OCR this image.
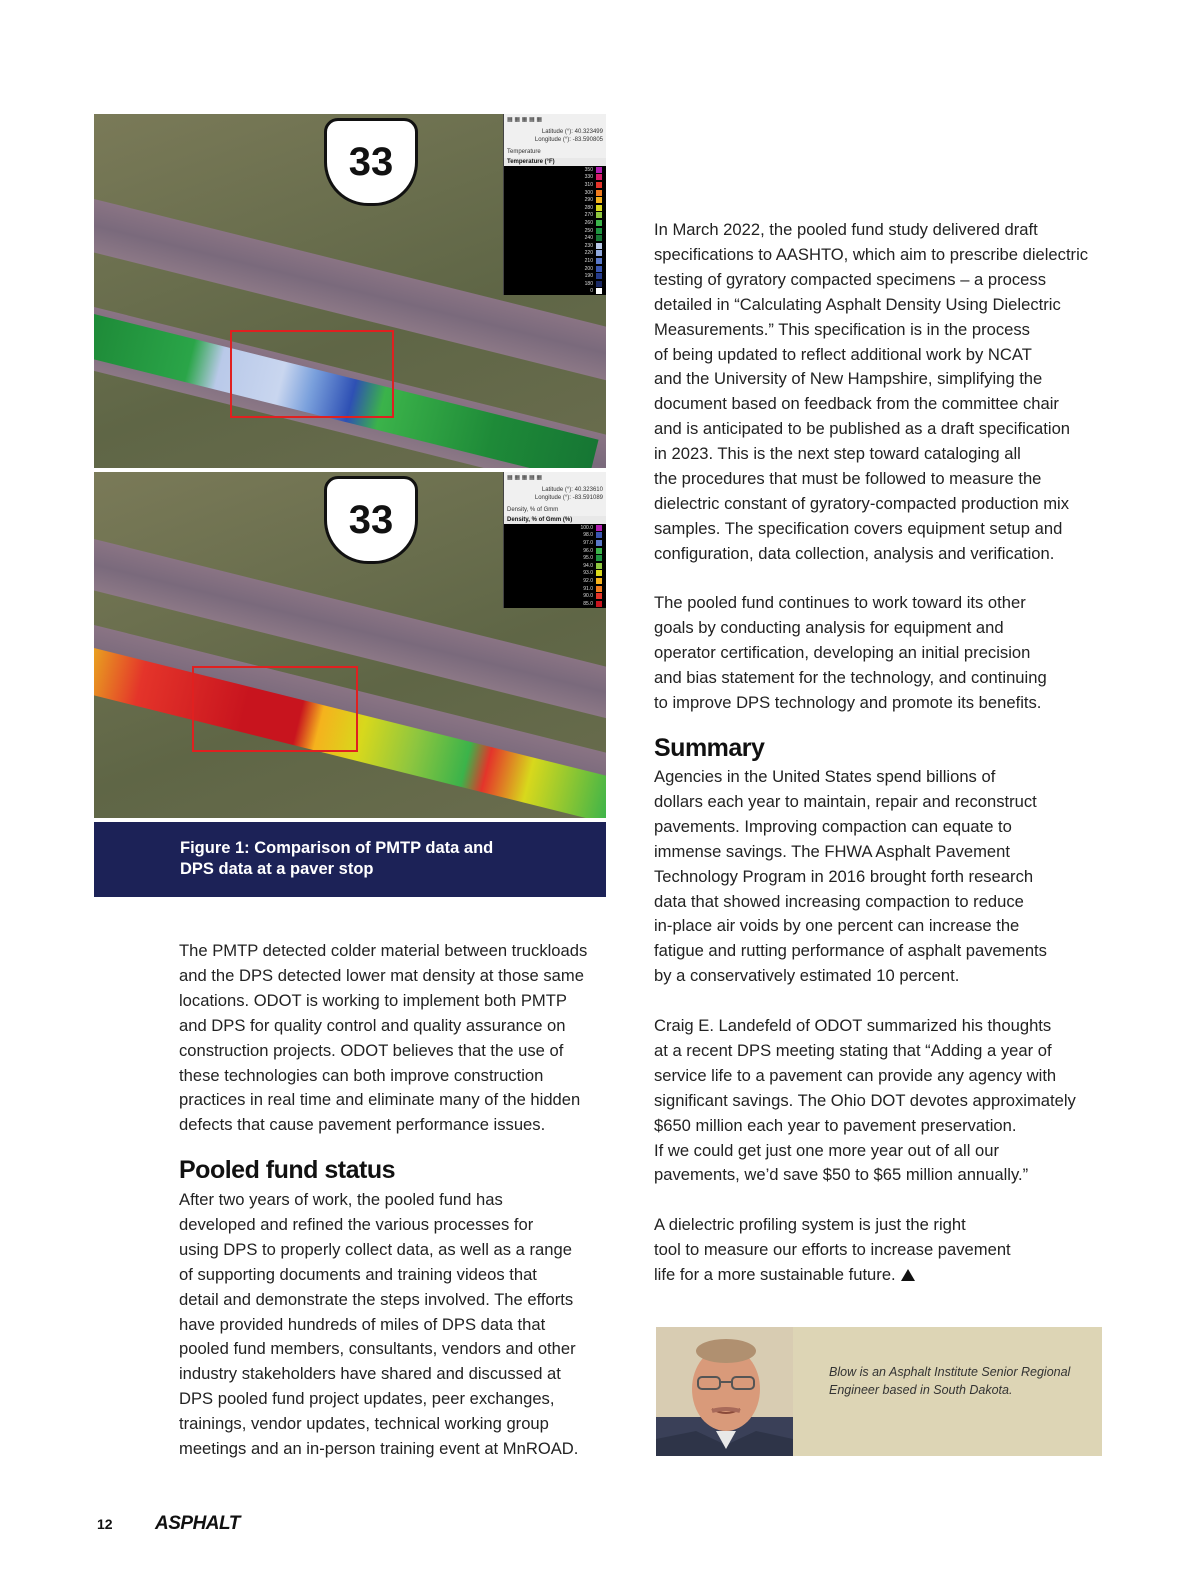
33
▦ ▦ ▦ ▦ ▦
Latitude (°): 40.323499
Longitude (°): -83.590805
Temperature
Temperature (°F)
350
330
310
300
290
280
270
260
250
240
230
220
210
200
190
180
0
33
▦ ▦ ▦ ▦ ▦
Latitude (°): 40.323610
Longitude (°): -83.591089
Density, % of Gmm
Density, % of Gmm (%)
100.0
98.0
97.0
96.0
95.0
94.0
93.0
92.0
91.0
90.0
85.0
Figure 1: Comparison of PMTP data and DPS data at a paver stop
The PMTP detected colder material between truckloads
and the DPS detected lower mat density at those same
locations. ODOT is working to implement both PMTP
and DPS for quality control and quality assurance on
construction projects. ODOT believes that the use of
these technologies can both improve construction
practices in real time and eliminate many of the hidden
defects that cause pavement performance issues.
Pooled fund status
After two years of work, the pooled fund has
developed and refined the various processes for
using DPS to properly collect data, as well as a range
of supporting documents and training videos that
detail and demonstrate the steps involved. The efforts
have provided hundreds of miles of DPS data that
pooled fund members, consultants, vendors and other
industry stakeholders have shared and discussed at
DPS pooled fund project updates, peer exchanges,
trainings, vendor updates, technical working group
meetings and an in-person training event at MnROAD.
In March 2022, the pooled fund study delivered draft
specifications to AASHTO, which aim to prescribe dielectric
testing of gyratory compacted specimens – a process
detailed in “Calculating Asphalt Density Using Dielectric
Measurements.” This specification is in the process
of being updated to reflect additional work by NCAT
and the University of New Hampshire, simplifying the
document based on feedback from the committee chair
and is anticipated to be published as a draft specification
in 2023. This is the next step toward cataloging all
the procedures that must be followed to measure the
dielectric constant of gyratory-compacted production mix
samples. The specification covers equipment setup and
configuration, data collection, analysis and verification.
The pooled fund continues to work toward its other
goals by conducting analysis for equipment and
operator certification, developing an initial precision
and bias statement for the technology, and continuing
to improve DPS technology and promote its benefits.
Summary
Agencies in the United States spend billions of
dollars each year to maintain, repair and reconstruct
pavements. Improving compaction can equate to
immense savings. The FHWA Asphalt Pavement
Technology Program in 2016 brought forth research
data that showed increasing compaction to reduce
in-place air voids by one percent can increase the
fatigue and rutting performance of asphalt pavements
by a conservatively estimated 10 percent.
Craig E. Landefeld of ODOT summarized his thoughts
at a recent DPS meeting stating that “Adding a year of
service life to a pavement can provide any agency with
significant savings. The Ohio DOT devotes approximately
$650 million each year to pavement preservation.
If we could get just one more year out of all our
pavements, we’d save $50 to $65 million annually.”
A dielectric profiling system is just the right
tool to measure our efforts to increase pavement
life for a more sustainable future.
Blow is an Asphalt Institute Senior Regional Engineer based in South Dakota.
12 ASPHALT
